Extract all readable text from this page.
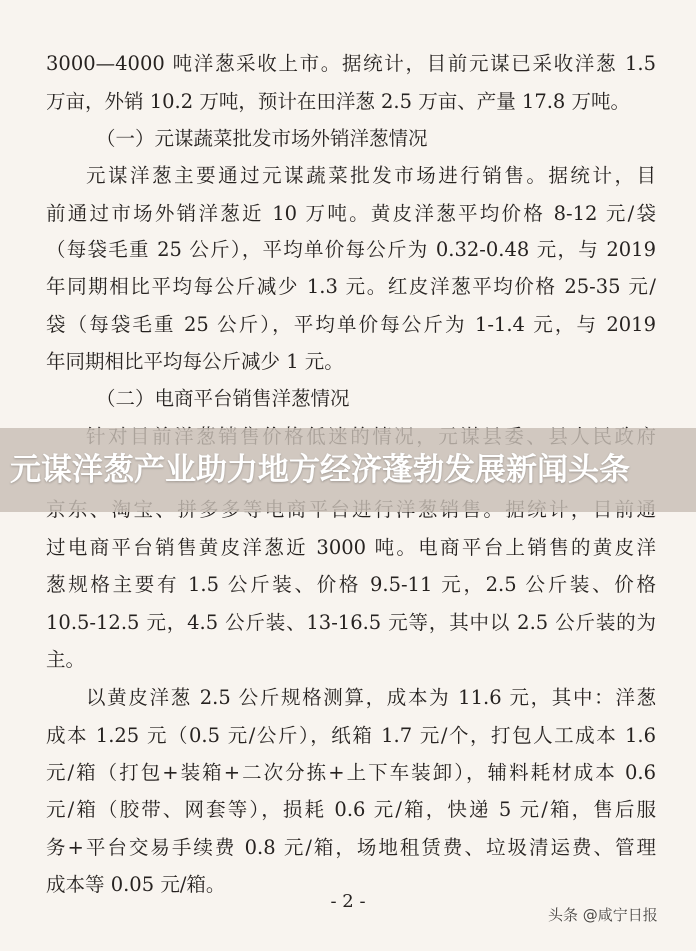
3000—4000 吨洋葱采收上市。据统计，目前元谋已采收洋葱 1.5
万亩，外销 10.2 万吨，预计在田洋葱 2.5 万亩、产量 17.8 万吨。
（一）元谋蔬菜批发市场外销洋葱情况
元谋洋葱主要通过元谋蔬菜批发市场进行销售。据统计，目
前通过市场外销洋葱近 10 万吨。黄皮洋葱平均价格 8-12 元/袋
（每袋毛重 25 公斤），平均单价每公斤为 0.32-0.48 元，与 2019
年同期相比平均每公斤减少 1.3 元。红皮洋葱平均价格 25-35 元/
袋（每袋毛重 25 公斤），平均单价每公斤为 1-1.4 元，与 2019
年同期相比平均每公斤减少 1 元。
（二）电商平台销售洋葱情况
过电商平台销售黄皮洋葱近 3000 吨。电商平台上销售的黄皮洋
葱规格主要有 1.5 公斤装、价格 9.5-11 元，2.5 公斤装、价格
10.5-12.5 元，4.5 公斤装、13-16.5 元等，其中以 2.5 公斤装的为
主。
以黄皮洋葱 2.5 公斤规格测算，成本为 11.6 元，其中：洋葱
成本 1.25 元（0.5 元/公斤），纸箱 1.7 元/个，打包人工成本 1.6
元/箱（打包+装箱+二次分拣+上下车装卸），辅料耗材成本 0.6
元/箱（胶带、网套等），损耗 0.6 元/箱，快递 5 元/箱，售后服
务+平台交易手续费 0.8 元/箱，场地租赁费、垃圾清运费、管理
成本等 0.05 元/箱。
- 2 -
元谋洋葱产业助力地方经济蓬勃发展新闻头条
头条 @咸宁日报
